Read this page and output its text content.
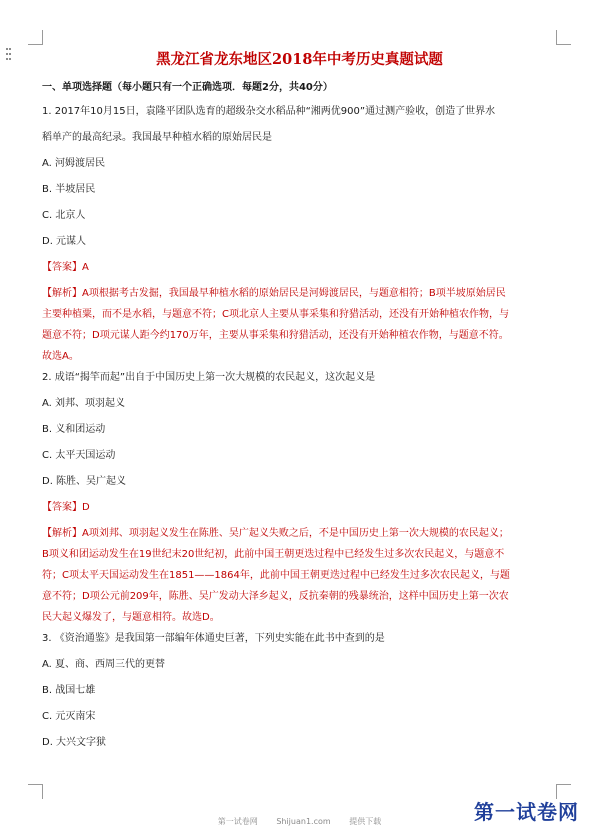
黑龙江省龙东地区2018年中考历史真题试题
一、单项选择题（每小题只有一个正确选项．每题2分，共40分）
1. 2017年10月15日，袁隆平团队选育的超级杂交水稻品种“湘两优900”通过测产验收，创造了世界水
稻单产的最高纪录。我国最早种植水稻的原始居民是
A. 河姆渡居民
B. 半坡居民
C. 北京人
D. 元谋人
【答案】A
【解析】A项根据考古发掘，我国最早种植水稻的原始居民是河姆渡居民，与题意相符；B项半坡原始居民
主要种植粟，而不是水稻，与题意不符；C项北京人主要从事采集和狩猎活动，还没有开始种植农作物，与
题意不符；D项元谋人距今约170万年，主要从事采集和狩猎活动，还没有开始种植农作物，与题意不符。
故选A。
2. 成语“揭竿而起”出自于中国历史上第一次大规模的农民起义，这次起义是
A. 刘邦、项羽起义
B. 义和团运动
C. 太平天国运动
D. 陈胜、吴广起义
【答案】D
【解析】A项刘邦、项羽起义发生在陈胜、吴广起义失败之后，不是中国历史上第一次大规模的农民起义；
B项义和团运动发生在19世纪末20世纪初，此前中国王朝更迭过程中已经发生过多次农民起义，与题意不
符；C项太平天国运动发生在1851——1864年，此前中国王朝更迭过程中已经发生过多次农民起义，与题
意不符；D项公元前209年，陈胜、吴广发动大泽乡起义，反抗秦朝的残暴统治，这样中国历史上第一次农
民大起义爆发了，与题意相符。故选D。
3. 《资治通鉴》是我国第一部编年体通史巨著，下列史实能在此书中查到的是
A. 夏、商、西周三代的更替
B. 战国七雄
C. 元灭南宋
D. 大兴文字狱
第一试卷网
第一试卷网 Shijuan1.com 提供下载
